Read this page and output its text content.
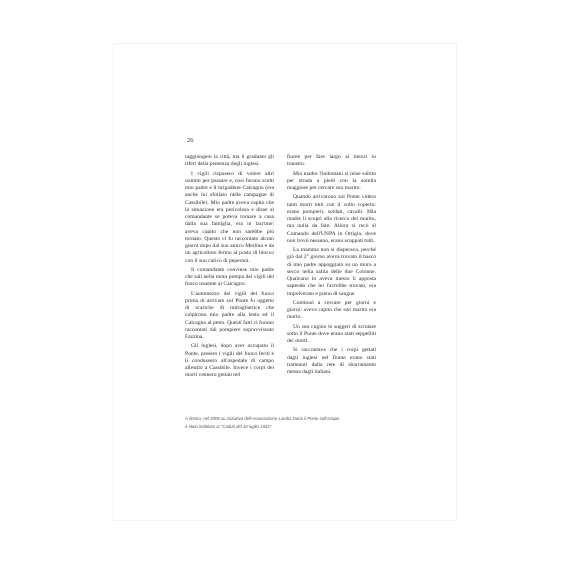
26

raggiungere la città, ma il graduato gli riferì della presenza degli inglesi.

I vigili risposero di volere altri uomini per passare e, così furono scelti mio padre e il brigadiere Calcagno (era anche lui sfollato nelle campagne di Cassibile). Mio padre aveva capito che la situazione era pericolosa e disse al comandante se poteva tornare a casa dalla sua famiglia, era in lacrime: aveva capito che non sarebbe più tornato. Questo ci fu raccontato alcuni giorni dopo dal suo amico Merlino e da un agricoltore fermo al posto di blocco con il suo carico di peperoni.

Il comandante convinse mio padre che salì nella moto pompa dei vigili del fuoco insieme al Calcagno.

L'automezzo dei vigili del fuoco prima di arrivare sul Ponte fu oggetto di scariche di mitragliatrice che colpirono mio padre alla testa ed il Calcagno al petto. Questi fatti ci furono raccontati dal pompiere sopravvissuto Fazzina.

Gli inglesi, dopo aver occupato il Ponte, presero i vigili del fuoco feriti e li condussero all'ospedale di campo allestito a Cassibile. Invece i corpi dei morti vennero gettati nel

fiume per fare largo ai mezzi in transito.

Mia madre l'indomani si mise subito per strada a piedi con la sorella maggiore per cercare suo marito.

Quando arrivarono sul Ponte videro tanti morti tutti con il volto coperto: erano pompieri, soldati, cavalli. Mia madre li scoprì alla ricerca del marito, ma nulla da fare. Allora si recò al Comando dell'UNPA in Ortigia, dove non trovò nessuno, erano scappati tutti.

La mamma non si disperava, perché già dal 2° giorno aveva trovato il basco di mio padre appoggiato su un muro a secco nella salita delle due Colonne. Qualcuno lo aveva messo lì apposta sapendo che lei l'avrebbe trovato, era impolverato e pieno di sangue.

Continuò a cercare per giorni e giorni: aveva capito che suo marito era morto.

Un suo cugino le suggerì di scrutare sotto il Ponte dove erano stati seppelliti dei morti.

Si raccontava che i corpi gettati dagli inglesi nel fiume erano stati trattenuti dalla rete di sbarramento messa dagli italiani.

A destra: nel 2008 su iniziativa dell'Associazione Lamba Doria il Ponte sull'Anapo
è stato intitolato ai "Caduti del 10 luglio 1943".
